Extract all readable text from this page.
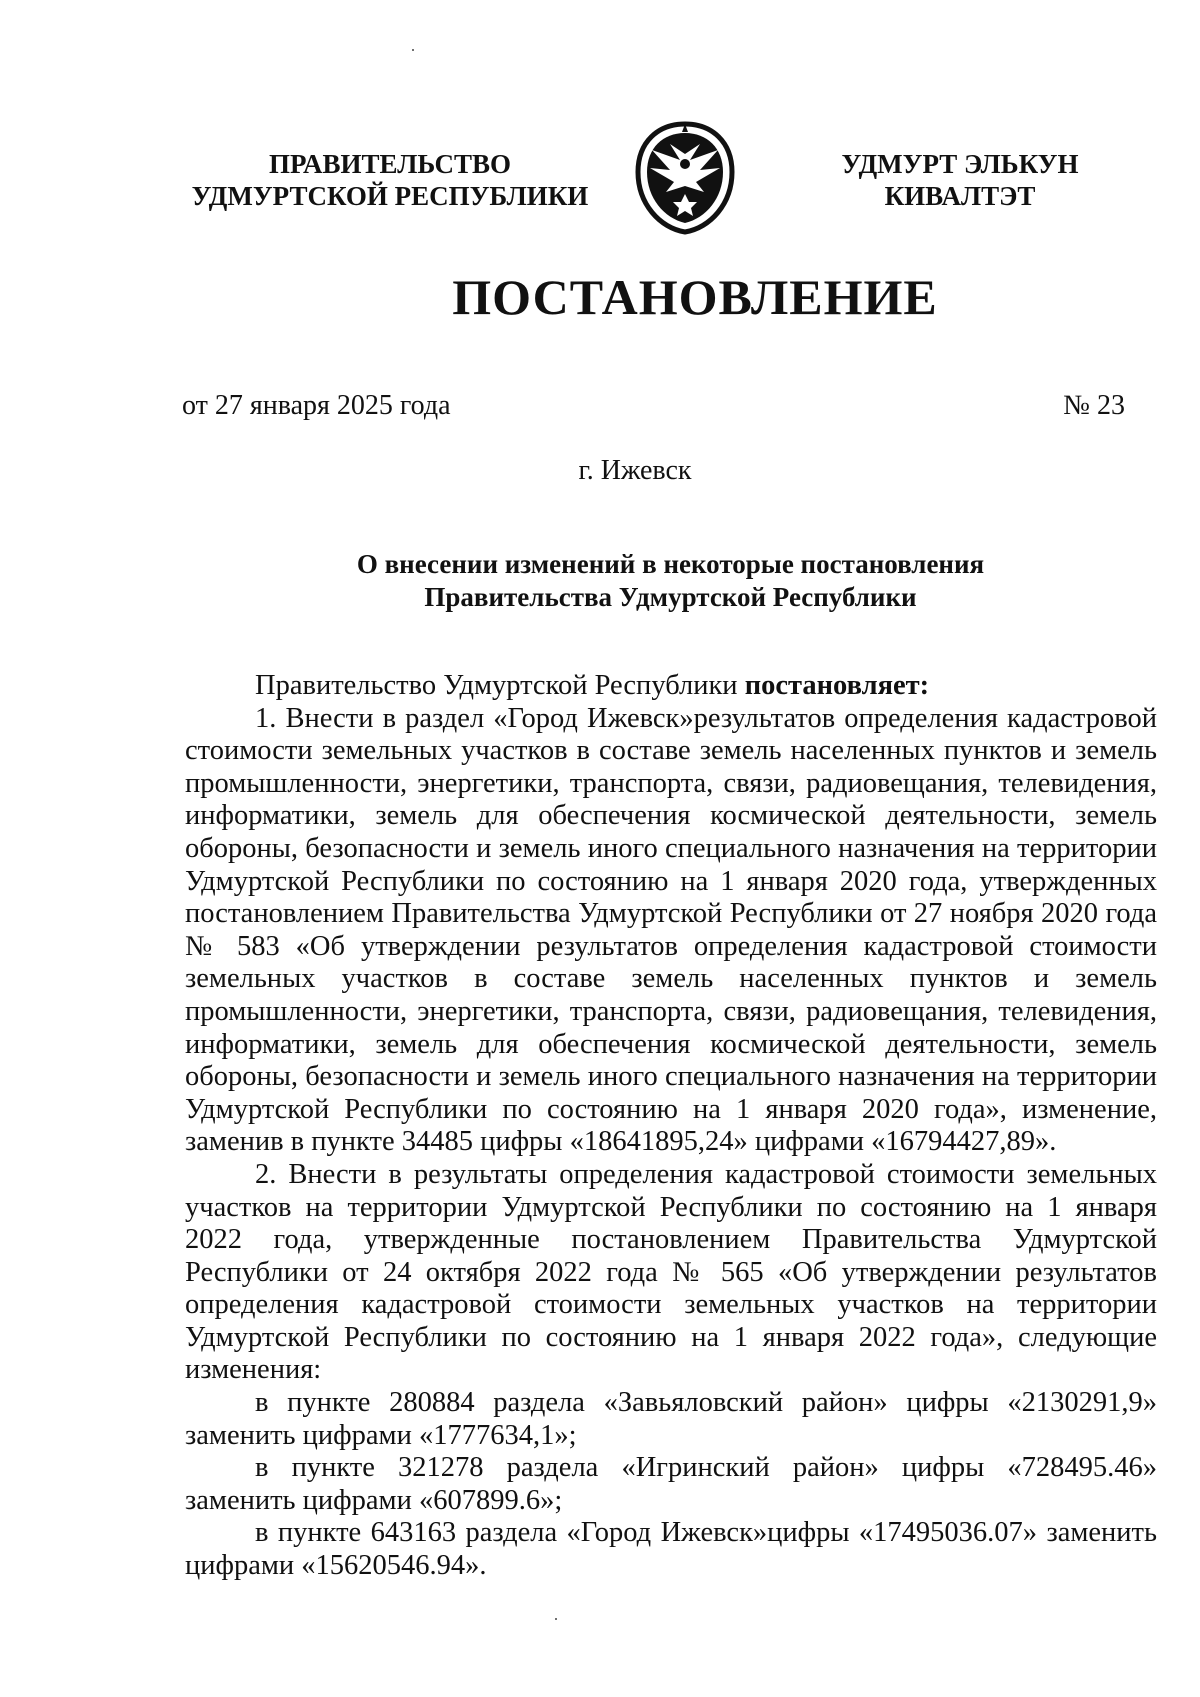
ПРАВИТЕЛЬСТВО
УДМУРТСКОЙ РЕСПУБЛИКИ
УДМУРТ ЭЛЬКУН
КИВАЛТЭТ
ПОСТАНОВЛЕНИЕ
от 27 января 2025 года	№ 23
г. Ижевск
О внесении изменений в некоторые постановления
Правительства Удмуртской Республики

Правительство Удмуртской Республики постановляет:

1. Внести в раздел «Город Ижевск»результатов определения кадастровой стоимости земельных участков в составе земель населенных пунктов и земель промышленности, энергетики, транспорта, связи, радиовещания, телевидения, информатики, земель для обеспечения космической деятельности, земель обороны, безопасности и земель иного специального назначения на территории Удмуртской Республики по состоянию на 1 января 2020 года, утвержденных постановлением Правительства Удмуртской Республики от 27 ноября 2020 года № 583 «Об утверждении результатов определения кадастровой стоимости земельных участков в составе земель населенных пунктов и земель промышленности, энергетики, транспорта, связи, радиовещания, телевидения, информатики, земель для обеспечения космической деятельности, земель обороны, безопасности и земель иного специального назначения на территории Удмуртской Республики по состоянию на 1 января 2020 года», изменение, заменив в пункте 34485 цифры «18641895,24» цифрами «16794427,89».

2. Внести в результаты определения кадастровой стоимости земельных участков на территории Удмуртской Республики по состоянию на 1 января 2022 года, утвержденные постановлением Правительства Удмуртской Республики от 24 октября 2022 года № 565 «Об утверждении результатов определения кадастровой стоимости земельных участков на территории Удмуртской Республики по состоянию на 1 января 2022 года», следующие изменения:

в пункте 280884 раздела «Завьяловский район» цифры «2130291,9» заменить цифрами «1777634,1»;

в пункте 321278 раздела «Игринский район» цифры «728495.46» заменить цифрами «607899.6»;

в пункте 643163 раздела «Город Ижевск»цифры «17495036.07» заменить цифрами «15620546.94».
